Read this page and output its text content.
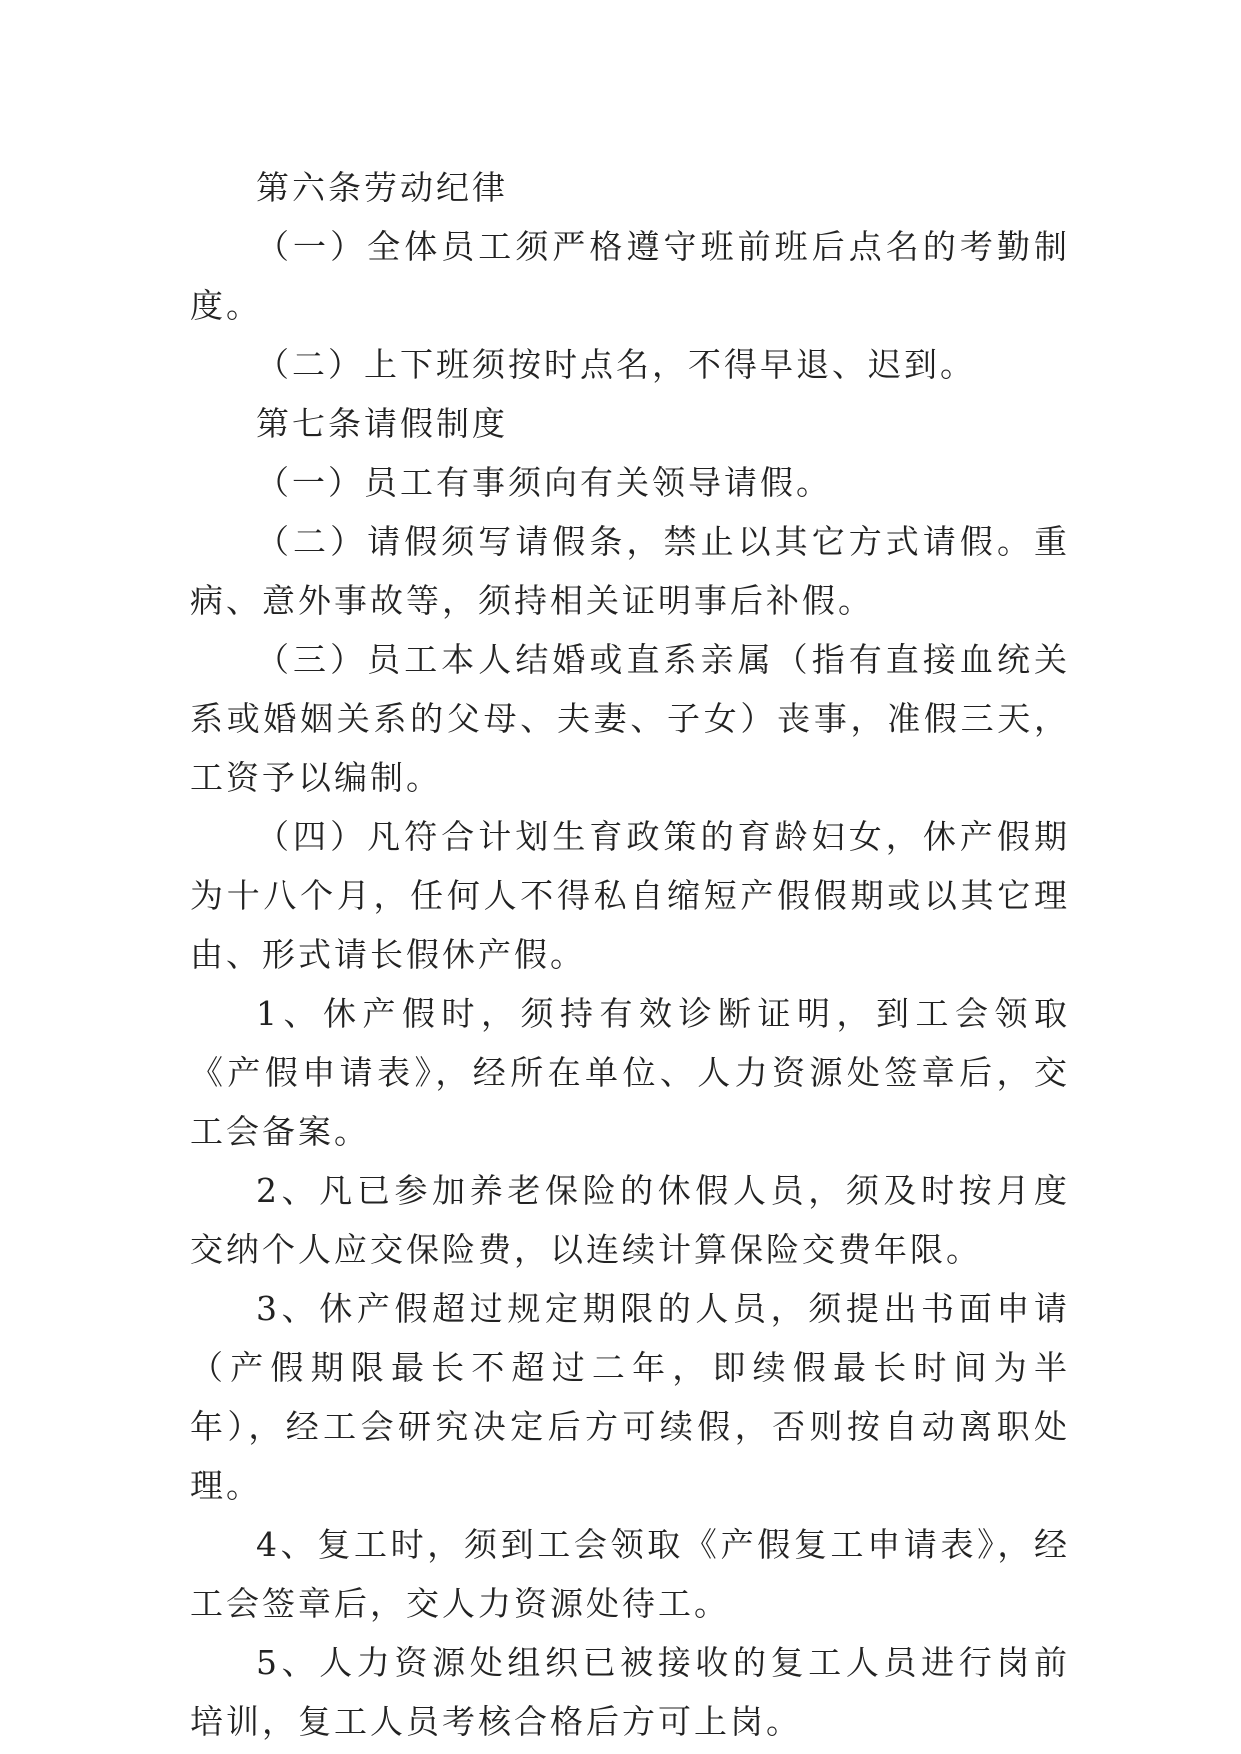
第六条劳动纪律

（一）全体员工须严格遵守班前班后点名的考勤制度。

（二）上下班须按时点名，不得早退、迟到。

第七条请假制度

（一）员工有事须向有关领导请假。

（二）请假须写请假条，禁止以其它方式请假。重病、意外事故等，须持相关证明事后补假。

（三）员工本人结婚或直系亲属（指有直接血统关系或婚姻关系的父母、夫妻、子女）丧事，准假三天，工资予以编制。

（四）凡符合计划生育政策的育龄妇女，休产假期为十八个月，任何人不得私自缩短产假假期或以其它理由、形式请长假休产假。

1、休产假时，须持有效诊断证明，到工会领取《产假申请表》，经所在单位、人力资源处签章后，交工会备案。

2、凡已参加养老保险的休假人员，须及时按月度交纳个人应交保险费，以连续计算保险交费年限。

3、休产假超过规定期限的人员，须提出书面申请（产假期限最长不超过二年，即续假最长时间为半年），经工会研究决定后方可续假，否则按自动离职处理。

4、复工时，须到工会领取《产假复工申请表》，经工会签章后，交人力资源处待工。

5、人力资源处组织已被接收的复工人员进行岗前培训，复工人员考核合格后方可上岗。
